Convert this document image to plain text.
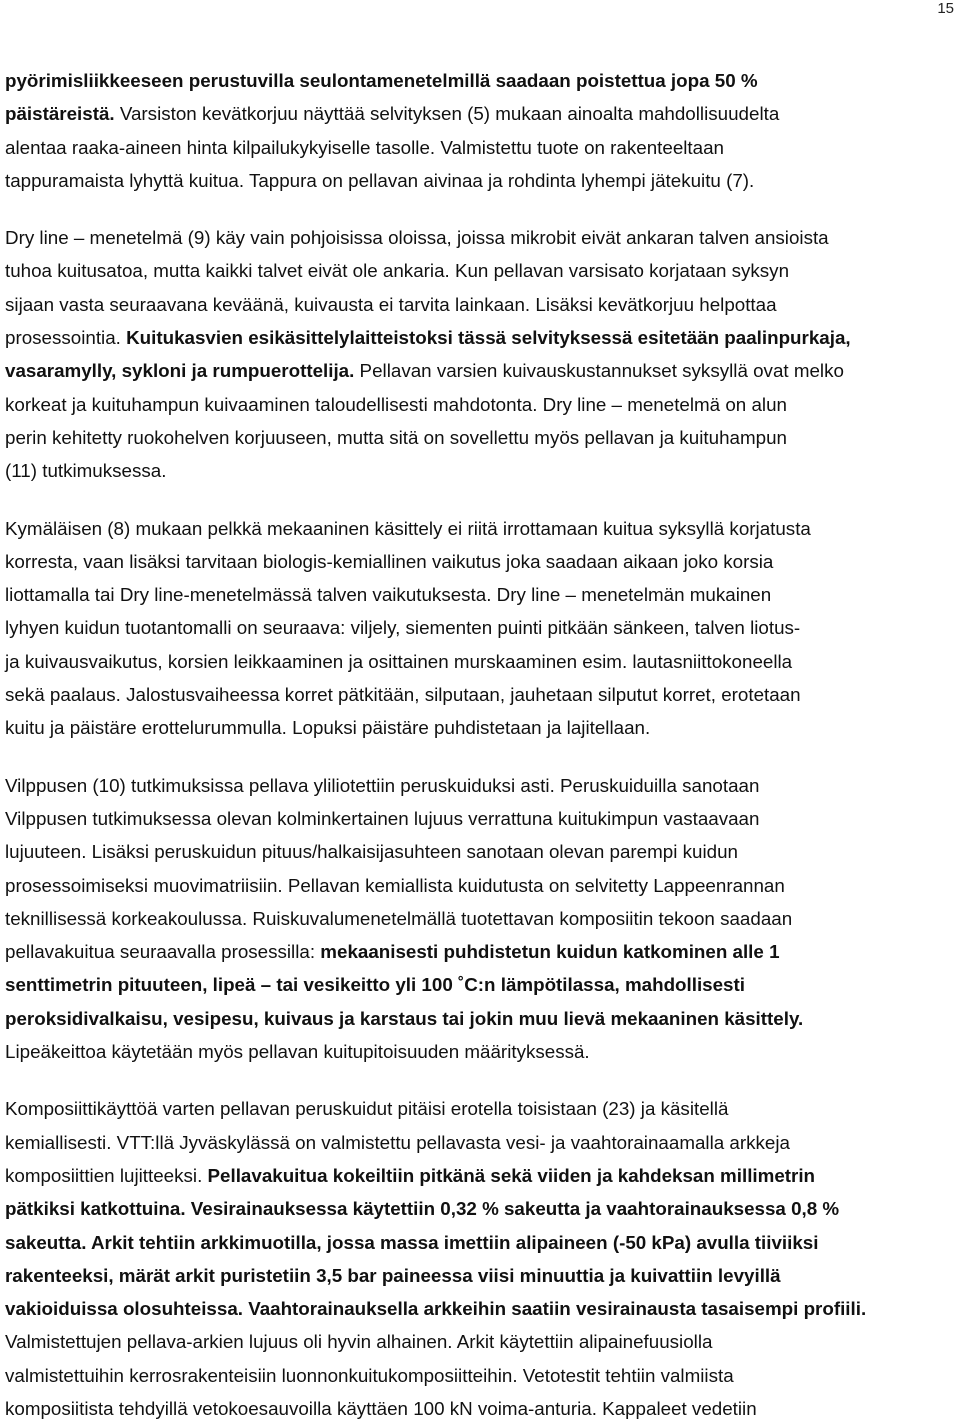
15

pyörimisliikkeeseen perustuvilla seulontamenetelmillä saadaan poistettua jopa 50 %
päistäreistä. Varsiston kevätkorjuu näyttää selvityksen (5) mukaan ainoalta mahdollisuudelta
alentaa raaka-aineen hinta kilpailukykyiselle tasolle. Valmistettu tuote on rakenteeltaan
tappuramaista lyhyttä kuitua. Tappura on pellavan aivinaa ja rohdinta lyhempi jätekuitu (7).

Dry line – menetelmä (9) käy vain pohjoisissa oloissa, joissa mikrobit eivät ankaran talven ansioista
tuhoa kuitusatoa, mutta kaikki talvet eivät ole ankaria. Kun pellavan varsisato korjataan syksyn
sijaan vasta seuraavana keväänä, kuivausta ei tarvita lainkaan. Lisäksi kevätkorjuu helpottaa
prosessointia. Kuitukasvien esikäsittelylaitteistoksi tässä selvityksessä esitetään paalinpurkaja,
vasaramylly, sykloni ja rumpuerottelija. Pellavan varsien kuivauskustannukset syksyllä ovat melko
korkeat ja kuituhampun kuivaaminen taloudellisesti mahdotonta. Dry line – menetelmä on alun
perin kehitetty ruokohelven korjuuseen, mutta sitä on sovellettu myös pellavan ja kuituhampun
(11) tutkimuksessa.

Kymäläisen (8) mukaan pelkkä mekaaninen käsittely ei riitä irrottamaan kuitua syksyllä korjatusta
korresta, vaan lisäksi tarvitaan biologis-kemiallinen vaikutus joka saadaan aikaan joko korsia
liottamalla tai Dry line-menetelmässä talven vaikutuksesta. Dry line – menetelmän mukainen
lyhyen kuidun tuotantomalli on seuraava: viljely, siementen puinti pitkään sänkeen, talven liotus-
ja kuivausvaikutus, korsien leikkaaminen ja osittainen murskaaminen esim. lautasniittokoneella
sekä paalaus. Jalostusvaiheessa korret pätkitään, silputaan, jauhetaan silputut korret, erotetaan
kuitu ja päistäre erottelurummulla. Lopuksi päistäre puhdistetaan ja lajitellaan.

Vilppusen (10) tutkimuksissa pellava yliliotettiin peruskuiduksi asti. Peruskuiduilla sanotaan
Vilppusen tutkimuksessa olevan kolminkertainen lujuus verrattuna kuitukimpun vastaavaan
lujuuteen. Lisäksi peruskuidun pituus/halkaisijasuhteen sanotaan olevan parempi kuidun
prosessoimiseksi muovimatriisiin. Pellavan kemiallista kuidutusta on selvitetty Lappeenrannan
teknillisessä korkeakoulussa. Ruiskuvalumenetelmällä tuotettavan komposiitin tekoon saadaan
pellavakuitua seuraavalla prosessilla: mekaanisesti puhdistetun kuidun katkominen alle 1
senttimetrin pituuteen, lipeä – tai vesikeitto yli 100 ˚C:n lämpötilassa, mahdollisesti
peroksidivalkaisu, vesipesu, kuivaus ja karstaus tai jokin muu lievä mekaaninen käsittely.
Lipeäkeittoa käytetään myös pellavan kuitupitoisuuden määrityksessä.

Komposiittikäyttöä varten pellavan peruskuidut pitäisi erotella toisistaan (23) ja käsitellä
kemiallisesti. VTT:llä Jyväskylässä on valmistettu pellavasta vesi- ja vaahtorainaamalla arkkeja
komposiittien lujitteeksi. Pellavakuitua kokeiltiin pitkänä sekä viiden ja kahdeksan millimetrin
pätkiksi katkottuina. Vesirainauksessa käytettiin 0,32 % sakeutta ja vaahtorainauksessa 0,8 %
sakeutta. Arkit tehtiin arkkimuotilla, jossa massa imettiin alipaineen (-50 kPa) avulla tiiviiksi
rakenteeksi, märät arkit puristetiin 3,5 bar paineessa viisi minuuttia ja kuivattiin levyillä
vakioiduissa olosuhteissa. Vaahtorainauksella arkkeihin saatiin vesirainausta tasaisempi profiili.
Valmistettujen pellava-arkien lujuus oli hyvin alhainen. Arkit käytettiin alipainefuusiolla
valmistettuihin kerrosrakenteisiin luonnonkuitukomposiitteihin. Vetotestit tehtiin valmiista
komposiitista tehdyillä vetokoesauvoilla käyttäen 100 kN voima-anturia. Kappaleet vedetiin
